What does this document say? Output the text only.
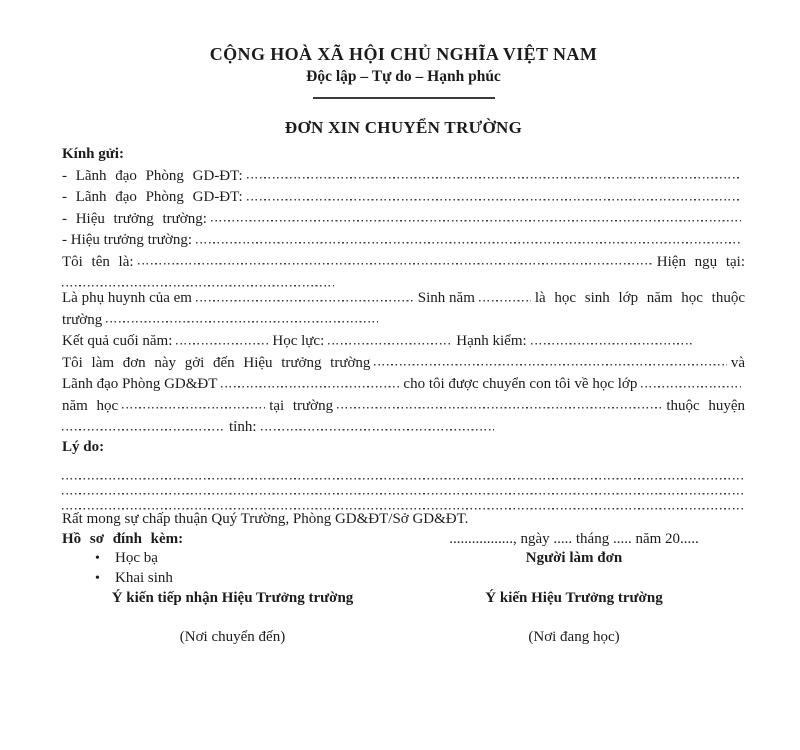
CỘNG HOÀ XÃ HỘI CHỦ NGHĨA VIỆT NAM
Độc lập – Tự do – Hạnh phúc
ĐƠN XIN CHUYỂN TRƯỜNG
Kính gửi:
- Lãnh đạo Phòng GD-ĐT:
- Lãnh đạo Phòng GD-ĐT:
- Hiệu trưởng trường:
- Hiệu trưởng trường:
Tôi tên là:	Hiện ngụ tại:
Là phụ huynh của em	Sinh năm	là học sinh lớp năm học thuộc
trường
Kết quả cuối năm:	Học lực:	Hạnh kiểm:
Tôi làm đơn này gởi đến Hiệu trưởng trường	và
Lãnh đạo Phòng GD&ĐT	cho tôi được chuyển con tôi về học lớp
năm học	tại trường	thuộc huyện
tỉnh:
Lý do:
Rất mong sự chấp thuận Quý Trường, Phòng GD&ĐT/Sở GD&ĐT.
Hồ sơ đính kèm:
• Học bạ
• Khai sinh
................., ngày ..... tháng ..... năm 20.....
Người làm đơn
Ý kiến tiếp nhận Hiệu Trưởng trường	Ý kiến Hiệu Trưởng trường
(Nơi chuyển đến)	(Nơi đang học)
